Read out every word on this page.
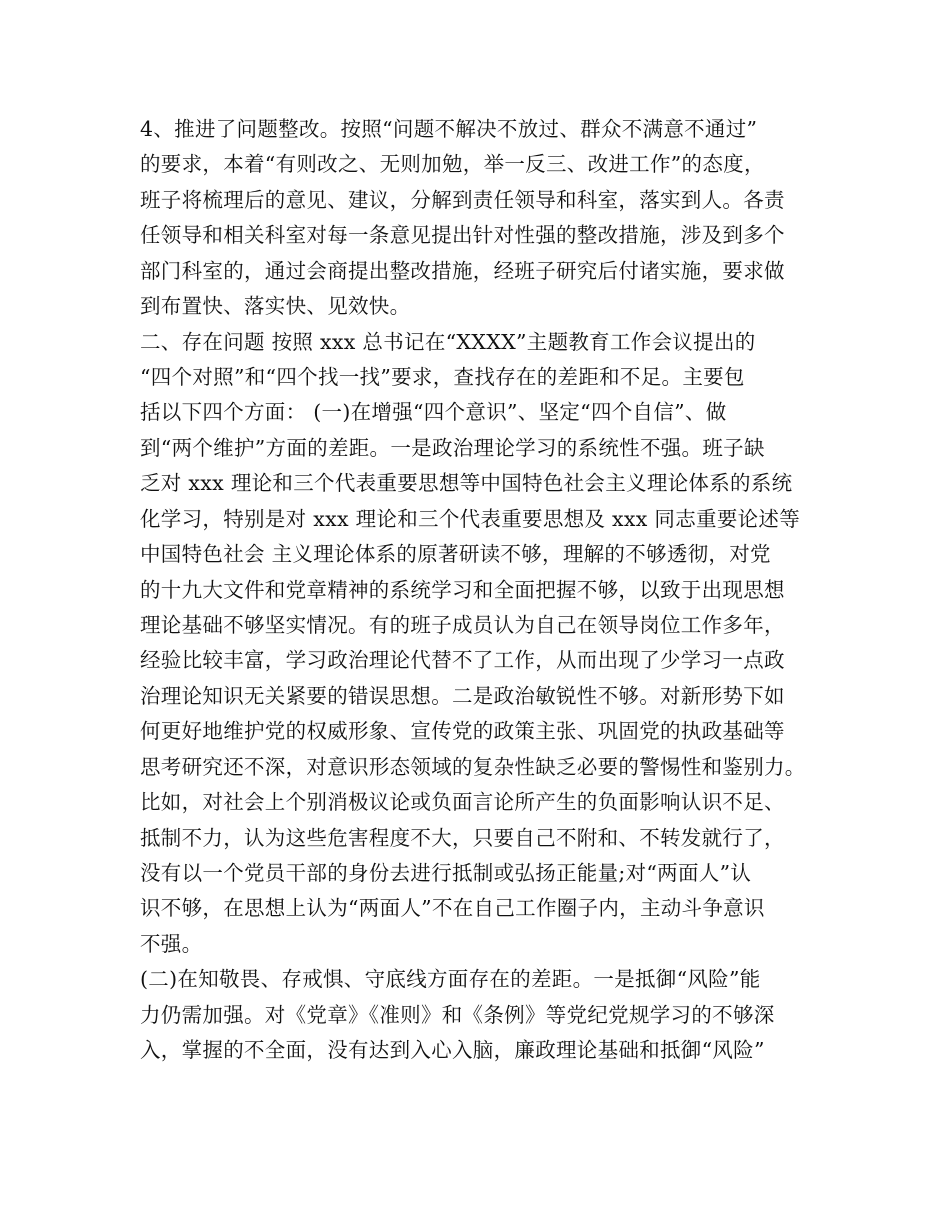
4、推进了问题整改。按照“问题不解决不放过、群众不满意不通过”
的要求，本着“有则改之、无则加勉，举一反三、改进工作”的态度，
班子将梳理后的意见、建议，分解到责任领导和科室，落实到人。各责
任领导和相关科室对每一条意见提出针对性强的整改措施，涉及到多个
部门科室的，通过会商提出整改措施，经班子研究后付诸实施，要求做
到布置快、落实快、见效快。
二、存在问题 按照 xxx 总书记在“XXXX”主题教育工作会议提出的
“四个对照”和“四个找一找”要求，查找存在的差距和不足。主要包
括以下四个方面： (一)在增强“四个意识”、坚定“四个自信”、做
到“两个维护”方面的差距。一是政治理论学习的系统性不强。班子缺
乏对 xxx 理论和三个代表重要思想等中国特色社会主义理论体系的系统
化学习，特别是对 xxx 理论和三个代表重要思想及 xxx 同志重要论述等
中国特色社会 主义理论体系的原著研读不够，理解的不够透彻，对党
的十九大文件和党章精神的系统学习和全面把握不够，以致于出现思想
理论基础不够坚实情况。有的班子成员认为自己在领导岗位工作多年，
经验比较丰富，学习政治理论代替不了工作，从而出现了少学习一点政
治理论知识无关紧要的错误思想。二是政治敏锐性不够。对新形势下如
何更好地维护党的权威形象、宣传党的政策主张、巩固党的执政基础等
思考研究还不深，对意识形态领域的复杂性缺乏必要的警惕性和鉴别力。
比如，对社会上个别消极议论或负面言论所产生的负面影响认识不足、
抵制不力，认为这些危害程度不大，只要自己不附和、不转发就行了，
没有以一个党员干部的身份去进行抵制或弘扬正能量;对“两面人”认
识不够，在思想上认为“两面人”不在自己工作圈子内，主动斗争意识
不强。
(二)在知敬畏、存戒惧、守底线方面存在的差距。一是抵御“风险”能
力仍需加强。对《党章》《准则》和《条例》等党纪党规学习的不够深
入，掌握的不全面，没有达到入心入脑，廉政理论基础和抵御“风险”
